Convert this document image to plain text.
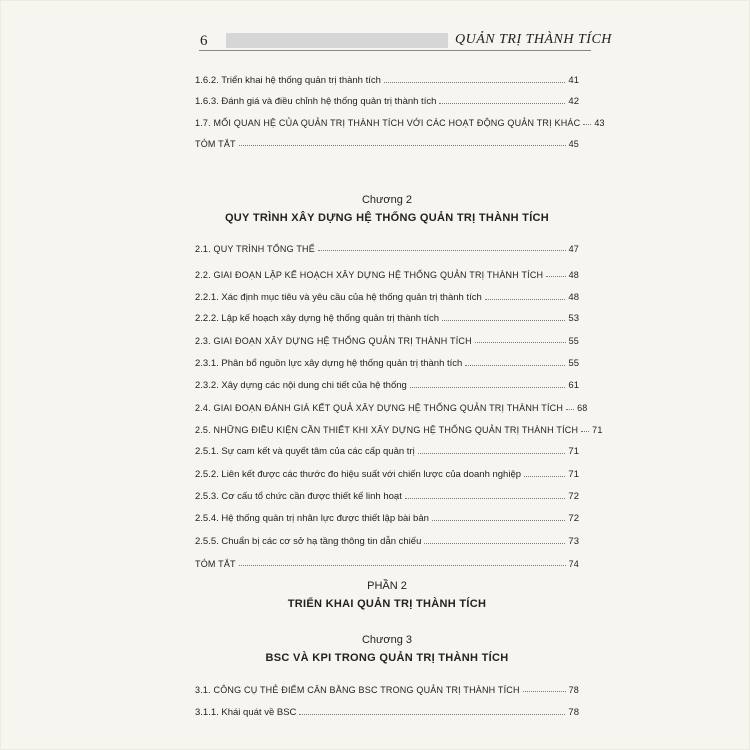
6	QUẢN TRỊ THÀNH TÍCH
1.6.2. Triển khai hệ thống quản trị thành tích	41
1.6.3. Đánh giá và điều chỉnh hệ thống quản trị thành tích	42
1.7. MỐI QUAN HỆ CỦA QUẢN TRỊ THÀNH TÍCH VỚI CÁC HOẠT ĐỘNG QUẢN TRỊ KHÁC	43
TÓM TẮT	45
Chương 2
QUY TRÌNH XÂY DỰNG HỆ THỐNG QUẢN TRỊ THÀNH TÍCH
2.1. QUY TRÌNH TỔNG THỂ	47
2.2. GIAI ĐOẠN LẬP KẾ HOẠCH XÂY DỰNG HỆ THỐNG QUẢN TRỊ THÀNH TÍCH	48
2.2.1. Xác định mục tiêu và yêu cầu của hệ thống quản trị thành tích	48
2.2.2. Lập kế hoạch xây dựng hệ thống quản trị thành tích	53
2.3. GIAI ĐOẠN XÂY DỰNG HỆ THỐNG QUẢN TRỊ THÀNH TÍCH	55
2.3.1. Phân bổ nguồn lực xây dựng hệ thống quản trị thành tích	55
2.3.2. Xây dựng các nội dung chi tiết của hệ thống	61
2.4. GIAI ĐOẠN ĐÁNH GIÁ KẾT QUẢ XÂY DỰNG HỆ THỐNG QUẢN TRỊ THÀNH TÍCH	68
2.5. NHỮNG ĐIỀU KIỆN CẦN THIẾT KHI XÂY DỰNG HỆ THỐNG QUẢN TRỊ THÀNH TÍCH	71
2.5.1. Sự cam kết và quyết tâm của các cấp quản trị	71
2.5.2. Liên kết được các thước đo hiệu suất với chiến lược của doanh nghiệp	71
2.5.3. Cơ cấu tổ chức cần được thiết kế linh hoạt	72
2.5.4. Hệ thống quản trị nhân lực được thiết lập bài bản	72
2.5.5. Chuẩn bị các cơ sở hạ tầng thông tin dẫn chiếu	73
TÓM TẮT	74
PHẦN 2
TRIỂN KHAI QUẢN TRỊ THÀNH TÍCH
Chương 3
BSC VÀ KPI TRONG QUẢN TRỊ THÀNH TÍCH
3.1. CÔNG CỤ THẺ ĐIỂM CÂN BẰNG BSC TRONG QUẢN TRỊ THÀNH TÍCH	78
3.1.1. Khái quát về BSC	78
